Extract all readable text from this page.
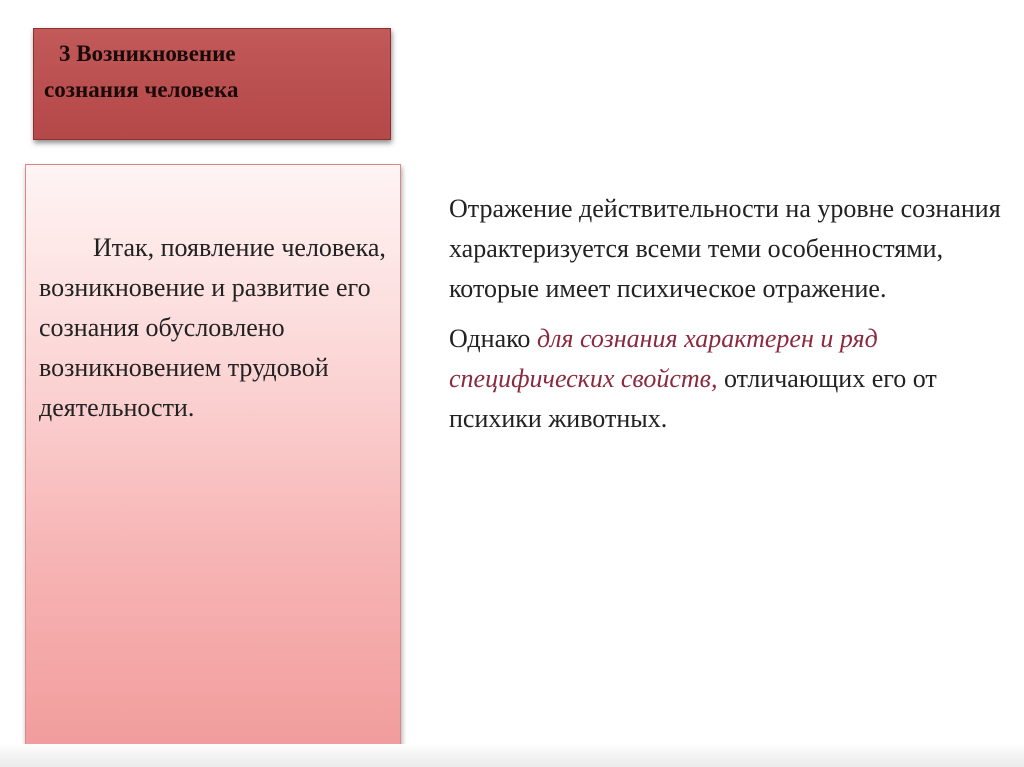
3 Возникновение
сознания человека
Итак, появление человека, возникновение и развитие его сознания обусловлено возникновением трудовой деятельности.

Отражение действительности на уровне сознания характеризуется всеми теми особенностями, которые имеет психическое отражение.

Однако для сознания характерен и ряд специфических свойств, отличающих его от психики животных.
